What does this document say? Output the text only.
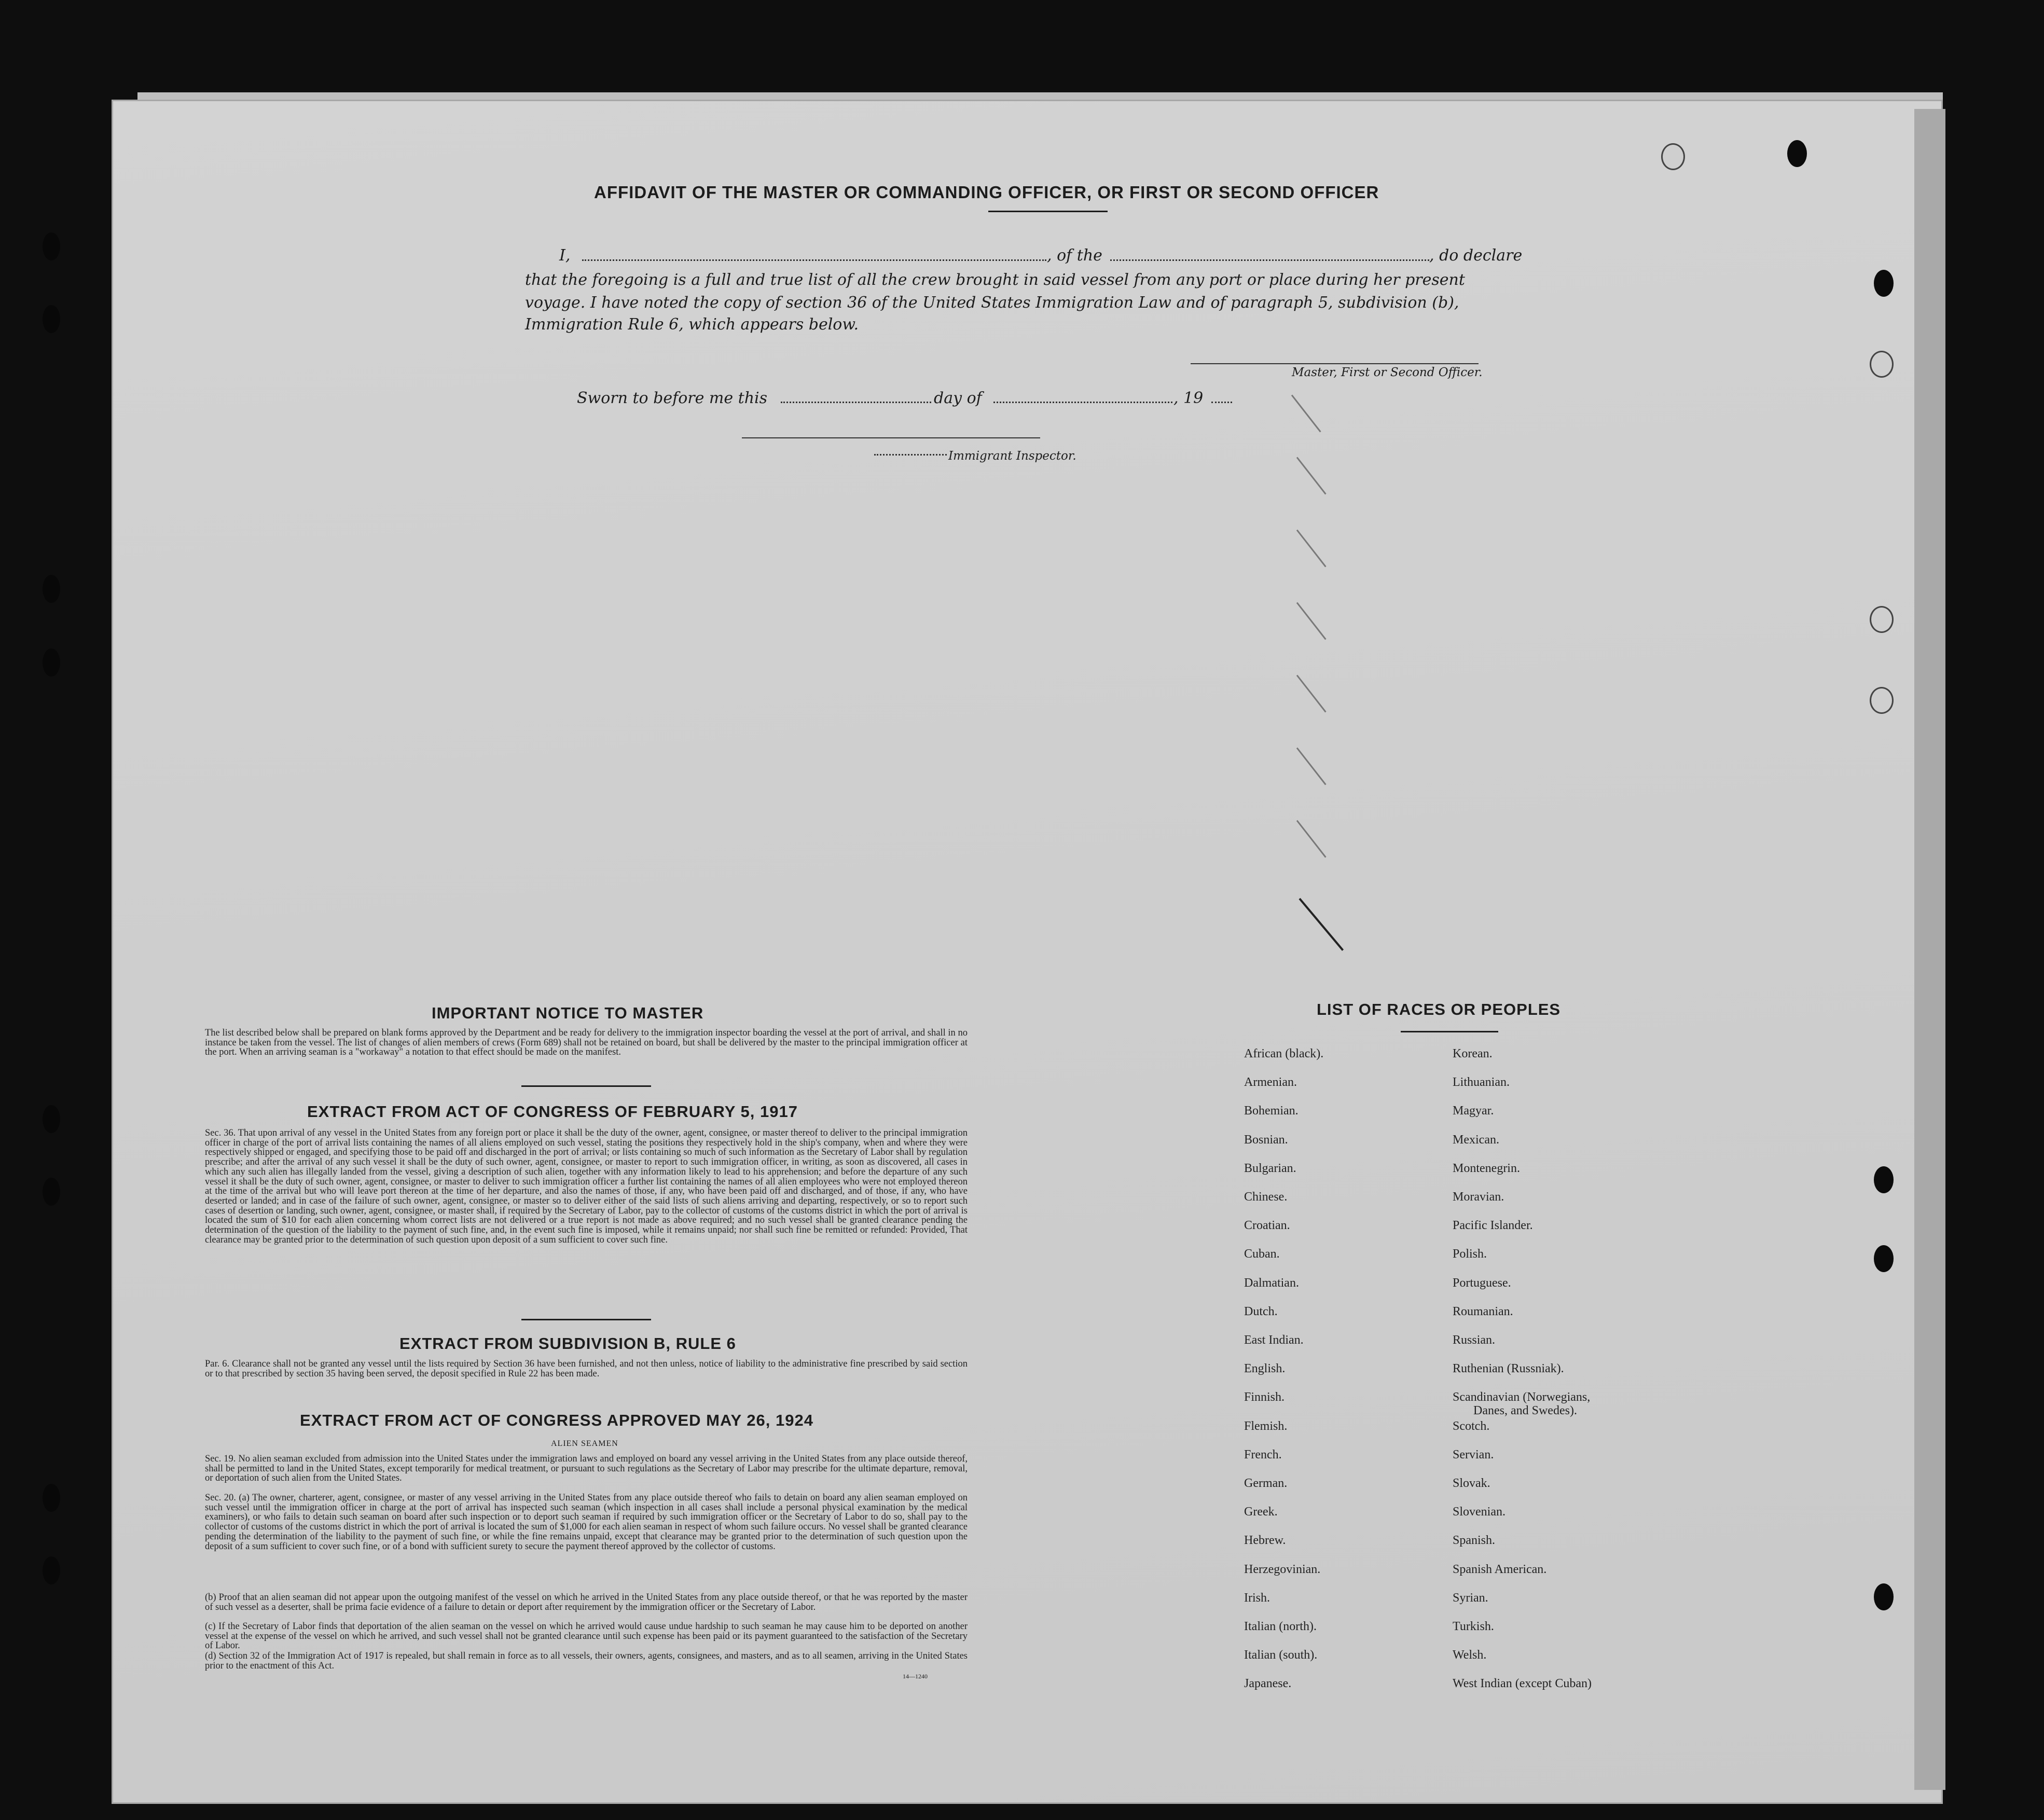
AFFIDAVIT OF THE MASTER OR COMMANDING OFFICER, OR FIRST OR SECOND OFFICER

I,	, of the	, do declare

that the foregoing is a full and true list of all the crew brought in said vessel from any port or place during her present

voyage. I have noted the copy of section 36 of the United States Immigration Law and of paragraph 5, subdivision (b),

Immigration Rule 6, which appears below.

Master, First or Second Officer.

Sworn to before me this	day of	, 19

Immigrant Inspector.

IMPORTANT NOTICE TO MASTER

The list described below shall be prepared on blank forms approved by the Department and be ready for delivery to the immigration inspector boarding the vessel at the port of arrival, and shall in no instance be taken from the vessel. The list of changes of alien members of crews (Form 689) shall not be retained on board, but shall be delivered by the master to the principal immigration officer at the port. When an arriving seaman is a "workaway" a notation to that effect should be made on the manifest.

EXTRACT FROM ACT OF CONGRESS OF FEBRUARY 5, 1917

Sec. 36. That upon arrival of any vessel in the United States from any foreign port or place it shall be the duty of the owner, agent, consignee, or master thereof to deliver to the principal immigration officer in charge of the port of arrival lists containing the names of all aliens employed on such vessel, stating the positions they respectively hold in the ship's company, when and where they were respectively shipped or engaged, and specifying those to be paid off and discharged in the port of arrival; or lists containing so much of such information as the Secretary of Labor shall by regulation prescribe; and after the arrival of any such vessel it shall be the duty of such owner, agent, consignee, or master to report to such immigration officer, in writing, as soon as discovered, all cases in which any such alien has illegally landed from the vessel, giving a description of such alien, together with any information likely to lead to his apprehension; and before the departure of any such vessel it shall be the duty of such owner, agent, consignee, or master to deliver to such immigration officer a further list containing the names of all alien employees who were not employed thereon at the time of the arrival but who will leave port thereon at the time of her departure, and also the names of those, if any, who have been paid off and discharged, and of those, if any, who have deserted or landed; and in case of the failure of such owner, agent, consignee, or master so to deliver either of the said lists of such aliens arriving and departing, respectively, or so to report such cases of desertion or landing, such owner, agent, consignee, or master shall, if required by the Secretary of Labor, pay to the collector of customs of the customs district in which the port of arrival is located the sum of $10 for each alien concerning whom correct lists are not delivered or a true report is not made as above required; and no such vessel shall be granted clearance pending the determination of the question of the liability to the payment of such fine, and, in the event such fine is imposed, while it remains unpaid; nor shall such fine be remitted or refunded: Provided, That clearance may be granted prior to the determination of such question upon deposit of a sum sufficient to cover such fine.

EXTRACT FROM SUBDIVISION B, RULE 6

Par. 6. Clearance shall not be granted any vessel until the lists required by Section 36 have been furnished, and not then unless, notice of liability to the administrative fine prescribed by said section or to that prescribed by section 35 having been served, the deposit specified in Rule 22 has been made.

EXTRACT FROM ACT OF CONGRESS APPROVED MAY 26, 1924

ALIEN SEAMEN

Sec. 19. No alien seaman excluded from admission into the United States under the immigration laws and employed on board any vessel arriving in the United States from any place outside thereof, shall be permitted to land in the United States, except temporarily for medical treatment, or pursuant to such regulations as the Secretary of Labor may prescribe for the ultimate departure, removal, or deportation of such alien from the United States.

Sec. 20. (a) The owner, charterer, agent, consignee, or master of any vessel arriving in the United States from any place outside thereof who fails to detain on board any alien seaman employed on such vessel until the immigration officer in charge at the port of arrival has inspected such seaman (which inspection in all cases shall include a personal physical examination by the medical examiners), or who fails to detain such seaman on board after such inspection or to deport such seaman if required by such immigration officer or the Secretary of Labor to do so, shall pay to the collector of customs of the customs district in which the port of arrival is located the sum of $1,000 for each alien seaman in respect of whom such failure occurs. No vessel shall be granted clearance pending the determination of the liability to the payment of such fine, or while the fine remains unpaid, except that clearance may be granted prior to the determination of such question upon the deposit of a sum sufficient to cover such fine, or of a bond with sufficient surety to secure the payment thereof approved by the collector of customs.

(b) Proof that an alien seaman did not appear upon the outgoing manifest of the vessel on which he arrived in the United States from any place outside thereof, or that he was reported by the master of such vessel as a deserter, shall be prima facie evidence of a failure to detain or deport after requirement by the immigration officer or the Secretary of Labor.

(c) If the Secretary of Labor finds that deportation of the alien seaman on the vessel on which he arrived would cause undue hardship to such seaman he may cause him to be deported on another vessel at the expense of the vessel on which he arrived, and such vessel shall not be granted clearance until such expense has been paid or its payment guaranteed to the satisfaction of the Secretary of Labor.

(d) Section 32 of the Immigration Act of 1917 is repealed, but shall remain in force as to all vessels, their owners, agents, consignees, and masters, and as to all seamen, arriving in the United States prior to the enactment of this Act.

14—1240

LIST OF RACES OR PEOPLES

African (black).
Armenian.
Bohemian.
Bosnian.
Bulgarian.
Chinese.
Croatian.
Cuban.
Dalmatian.
Dutch.
East Indian.
English.
Finnish.
Flemish.
French.
German.
Greek.
Hebrew.
Herzegovinian.
Irish.
Italian (north).
Italian (south).
Japanese.
Korean.
Lithuanian.
Magyar.
Mexican.
Montenegrin.
Moravian.
Pacific Islander.
Polish.
Portuguese.
Roumanian.
Russian.
Ruthenian (Russniak).
Scandinavian (Norwegians,
Danes, and Swedes).
Scotch.
Servian.
Slovak.
Slovenian.
Spanish.
Spanish American.
Syrian.
Turkish.
Welsh.
West Indian (except Cuban)
